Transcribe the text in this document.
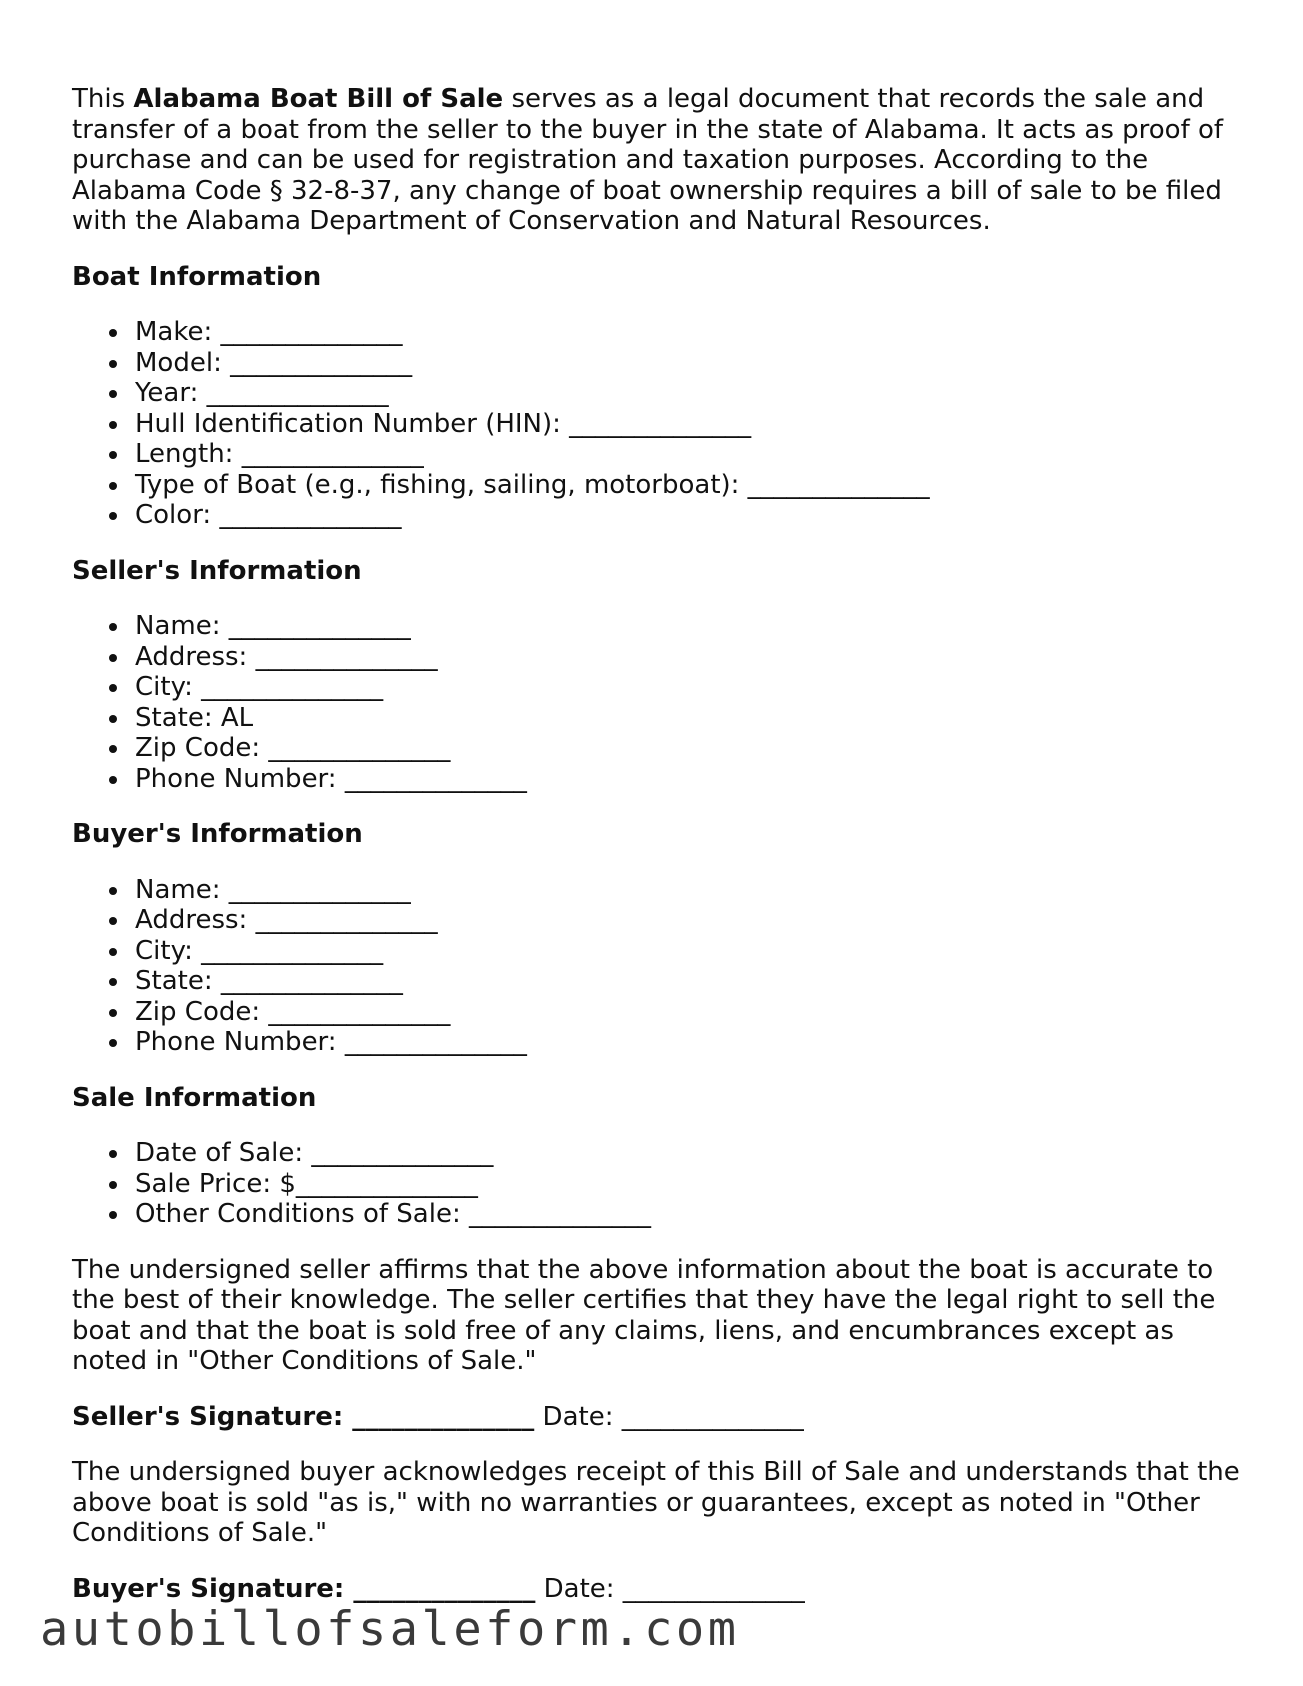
This Alabama Boat Bill of Sale serves as a legal document that records the sale and transfer of a boat from the seller to the buyer in the state of Alabama. It acts as proof of purchase and can be used for registration and taxation purposes. According to the Alabama Code § 32-8-37, any change of boat ownership requires a bill of sale to be filed with the Alabama Department of Conservation and Natural Resources.

Boat Information
Make: ______________
Model: ______________
Year: ______________
Hull Identification Number (HIN): ______________
Length: ______________
Type of Boat (e.g., fishing, sailing, motorboat): ______________
Color: ______________
Seller's Information
Name: ______________
Address: ______________
City: ______________
State: AL
Zip Code: ______________
Phone Number: ______________
Buyer's Information
Name: ______________
Address: ______________
City: ______________
State: ______________
Zip Code: ______________
Phone Number: ______________
Sale Information
Date of Sale: ______________
Sale Price: $______________
Other Conditions of Sale: ______________

The undersigned seller affirms that the above information about the boat is accurate to the best of their knowledge. The seller certifies that they have the legal right to sell the boat and that the boat is sold free of any claims, liens, and encumbrances except as noted in "Other Conditions of Sale."

Seller's Signature: ______________ Date: ______________

The undersigned buyer acknowledges receipt of this Bill of Sale and understands that the above boat is sold "as is," with no warranties or guarantees, except as noted in "Other Conditions of Sale."

Buyer's Signature: ______________ Date: ______________

autobillofsaleform.com
